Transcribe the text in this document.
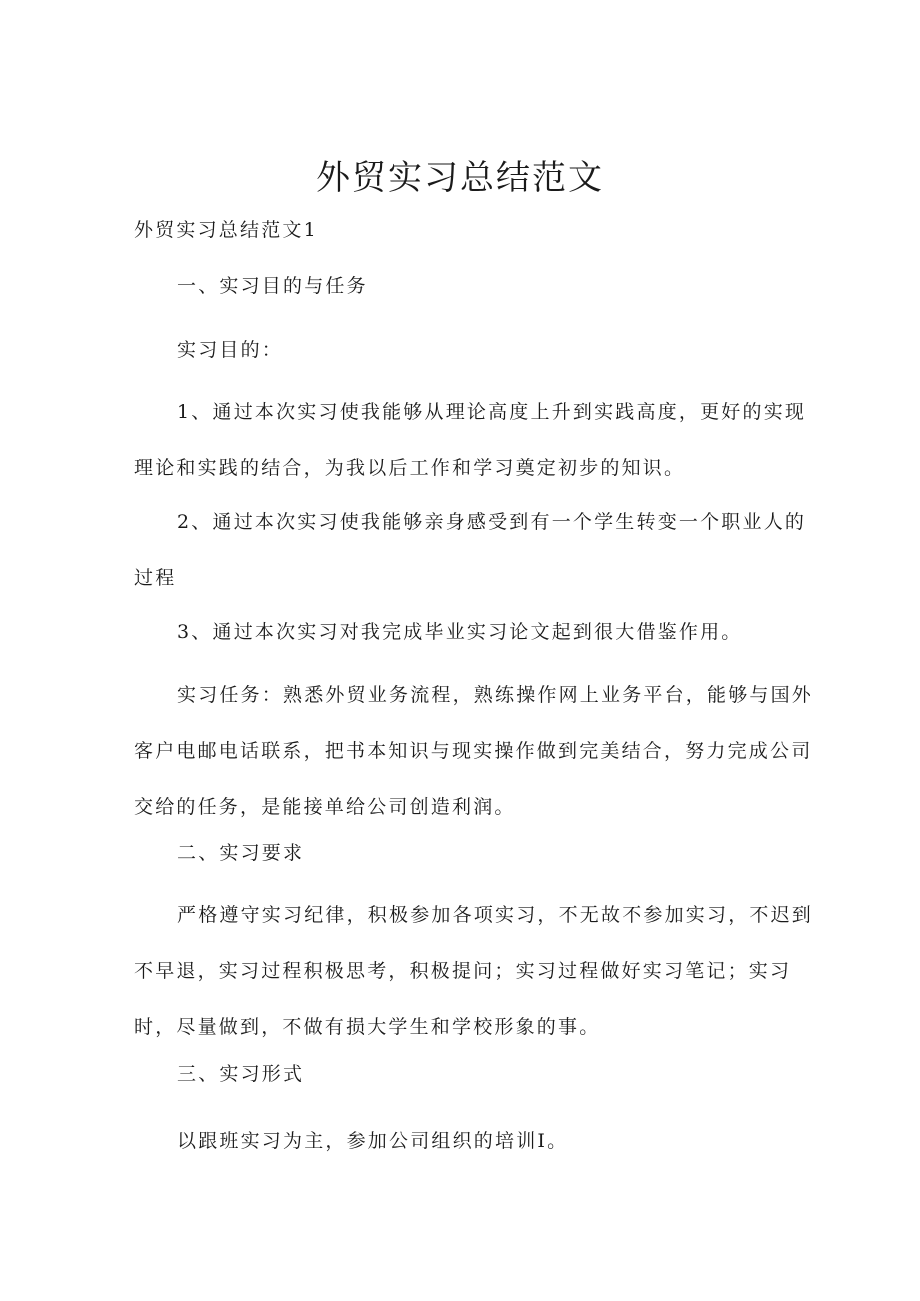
外贸实习总结范文

外贸实习总结范文1

一、实习目的与任务

实习目的：

1、通过本次实习使我能够从理论高度上升到实践高度，更好的实现
理论和实践的结合，为我以后工作和学习奠定初步的知识。

2、通过本次实习使我能够亲身感受到有一个学生转变一个职业人的
过程

3、通过本次实习对我完成毕业实习论文起到很大借鉴作用。

实习任务：熟悉外贸业务流程，熟练操作网上业务平台，能够与国外
客户电邮电话联系，把书本知识与现实操作做到完美结合，努力完成公司
交给的任务，是能接单给公司创造利润。

二、实习要求

严格遵守实习纪律，积极参加各项实习，不无故不参加实习，不迟到
不早退，实习过程积极思考，积极提问；实习过程做好实习笔记；实习
时，尽量做到，不做有损大学生和学校形象的事。

三、实习形式

以跟班实习为主，参加公司组织的培训I。
